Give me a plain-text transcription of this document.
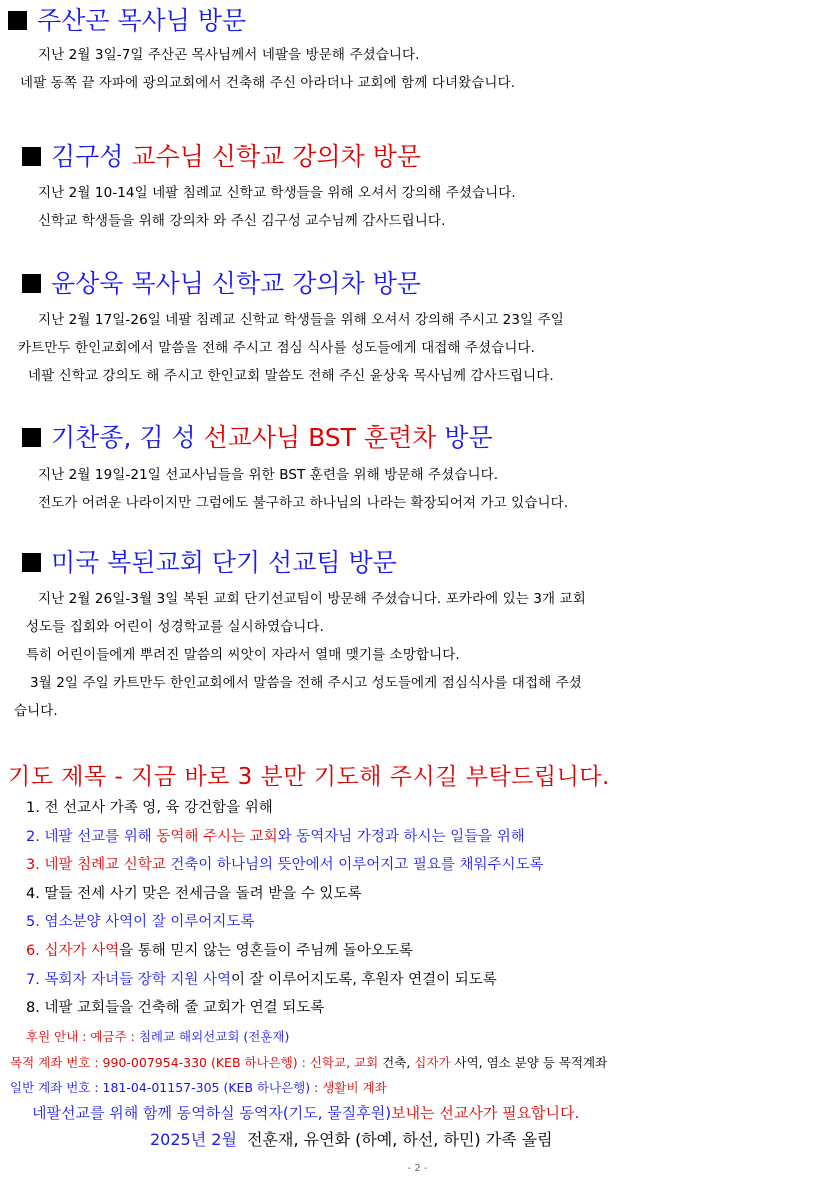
주산곤 목사님 방문
지난 2월 3일-7일 주산곤 목사님께서 네팔을 방문해 주셨습니다.
네팔 동쪽 끝 자파에 광의교회에서 건축해 주신 아라더나 교회에 함께 다녀왔습니다.
김구성 교수님 신학교 강의차 방문
지난 2월 10-14일 네팔 침례교 신학교 학생들을 위해 오셔서 강의해 주셨습니다.
신학교 학생들을 위해 강의차 와 주신 김구성 교수님께 감사드립니다.
윤상욱 목사님 신학교 강의차 방문
지난 2월 17일-26일 네팔 침례교 신학교 학생들을 위해 오셔서 강의해 주시고 23일 주일
카트만두 한인교회에서 말씀을 전해 주시고 점심 식사를 성도들에게 대접해 주셨습니다.
네팔 신학교 강의도 해 주시고 한인교회 말씀도 전해 주신 윤상욱 목사님께 감사드립니다.
기찬종, 김 성 선교사님 BST 훈련차 방문
지난 2월 19일-21일 선교사님들을 위한 BST 훈련을 위해 방문해 주셨습니다.
전도가 어려운 나라이지만 그럼에도 불구하고 하나님의 나라는 확장되어져 가고 있습니다.
미국 복된교회 단기 선교팀 방문
지난 2월 26일-3월 3일 복된 교회 단기선교팀이 방문해 주셨습니다. 포카라에 있는 3개 교회
성도들 집회와 어린이 성경학교를 실시하였습니다.
특히 어린이들에게 뿌려진 말씀의 씨앗이 자라서 열매 맺기를 소망합니다.
3월 2일 주일 카트만두 한인교회에서 말씀을 전해 주시고 성도들에게 점심식사를 대접해 주셨
습니다.
기도 제목 - 지금 바로 3 분만 기도해 주시길 부탁드립니다.
1. 전 선교사 가족 영, 육 강건함을 위해
2. 네팔 선교를 위해 동역해 주시는 교회와 동역자님 가정과 하시는 일들을 위해
3. 네팔 침례교 신학교 건축이 하나님의 뜻안에서 이루어지고 필요를 채워주시도록
4. 딸들 전세 사기 맞은 전세금을 돌려 받을 수 있도록
5. 염소분양 사역이 잘 이루어지도록
6. 십자가 사역을 통해 믿지 않는 영혼들이 주님께 돌아오도록
7. 목회자 자녀들 장학 지원 사역이 잘 이루어지도록, 후원자 연결이 되도록
8. 네팔 교회들을 건축해 줄 교회가 연결 되도록
후원 안내 : 예금주 : 침례교 해외선교회 (전훈재)
목적 계좌 번호 : 990-007954-330 (KEB 하나은행) : 신학교, 교회 건축, 십자가 사역, 염소 분양 등 목적계좌
일반 계좌 번호 : 181-04-01157-305 (KEB 하나은행) : 생활비 계좌
네팔선교를 위해 함께 동역하실 동역자(기도, 물질후원)보내는 선교사가 필요합니다.
2025년 2월 전훈재, 유연화 (하예, 하선, 하민) 가족 올림
- 2 -
